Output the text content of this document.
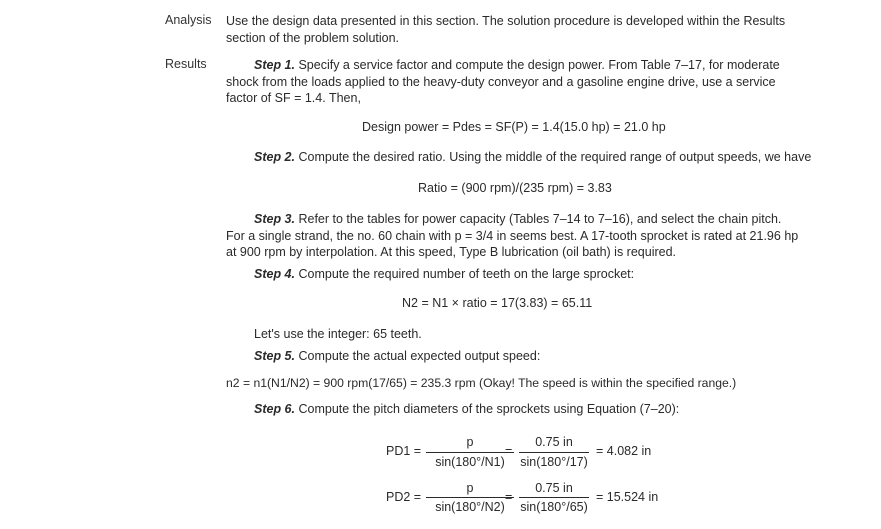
Analysis Use the design data presented in this section. The solution procedure is developed within the Results section of the problem solution.
Results	Step 1. Specify a service factor and compute the design power. From Table 7–17, for moderate shock from the loads applied to the heavy-duty conveyor and a gasoline engine drive, use a service factor of SF = 1.4. Then,
Design power = Pdes = SF(P) = 1.4(15.0 hp) = 21.0 hp
Step 2. Compute the desired ratio. Using the middle of the required range of output speeds, we have
Ratio = (900 rpm)/(235 rpm) = 3.83
Step 3. Refer to the tables for power capacity (Tables 7–14 to 7–16), and select the chain pitch. For a single strand, the no. 60 chain with p = 3/4 in seems best. A 17-tooth sprocket is rated at 21.96 hp at 900 rpm by interpolation. At this speed, Type B lubrication (oil bath) is required.
Step 4. Compute the required number of teeth on the large sprocket:
N2 = N1 × ratio = 17(3.83) = 65.11
Let's use the integer: 65 teeth.
Step 5. Compute the actual expected output speed:
n2 = n1(N1/N2) = 900 rpm(17/65) = 235.3 rpm (Okay! The speed is within the specified range.)
Step 6. Compute the pitch diameters of the sprockets using Equation (7–20):
PD1 =
p
sin(180°/N1)
=
0.75 in
sin(180°/17)
= 4.082 in
PD2 =
p
sin(180°/N2)
=
0.75 in
sin(180°/65)
= 15.524 in
